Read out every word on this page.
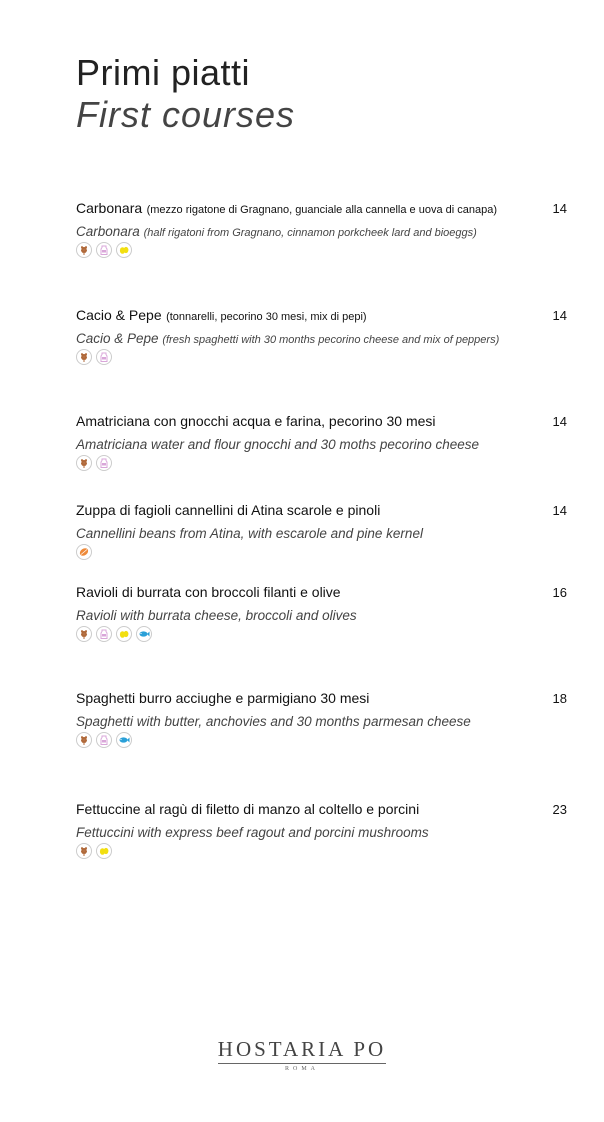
Primi piatti
First courses
Carbonara (mezzo rigatone di Gragnano, guanciale alla cannella e uova di canapa)	14
Carbonara (half rigatoni from Gragnano, cinnamon porkcheek lard and bioeggs)
Cacio & Pepe (tonnarelli, pecorino 30 mesi, mix di pepi)	14
Cacio & Pepe (fresh spaghetti with 30 months pecorino cheese and mix of peppers)
Amatriciana con gnocchi acqua e farina, pecorino 30 mesi	14
Amatriciana water and flour gnocchi and 30 moths pecorino cheese
Zuppa di fagioli cannellini di Atina scarole e pinoli	14
Cannellini beans from Atina, with escarole and pine kernel
Ravioli di burrata con broccoli filanti e olive	16
Ravioli with burrata cheese, broccoli and olives
Spaghetti burro acciughe e parmigiano 30 mesi	18
Spaghetti with butter, anchovies and 30 months parmesan cheese
Fettuccine al ragù di filetto di manzo al coltello e porcini	23
Fettuccini with express beef ragout and porcini mushrooms
HOSTARIA PO
ROMA
